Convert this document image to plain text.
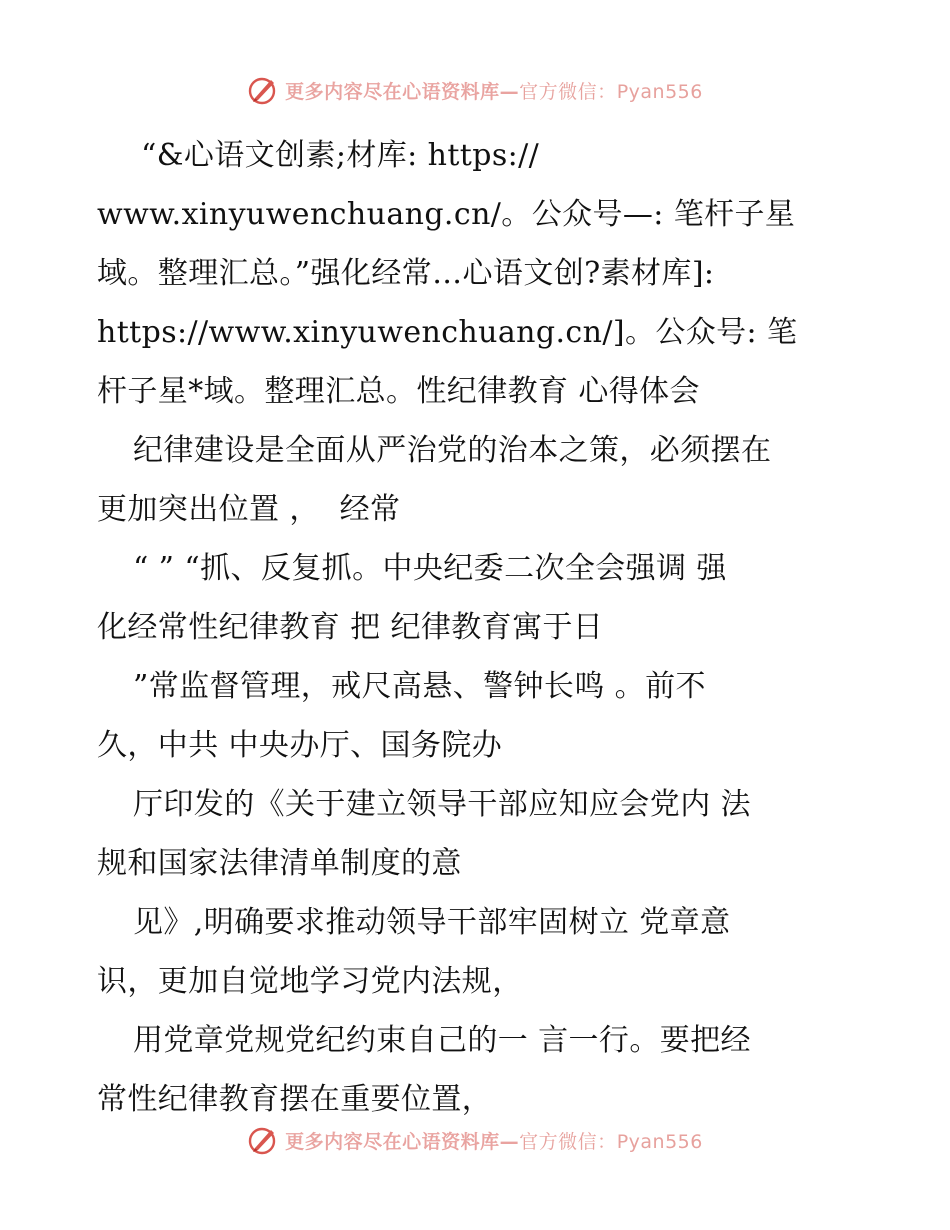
更多内容尽在心语资料库—官方微信：Pyan556
“&心语文创素;材库: https://
www.xinyuwenchuang.cn/。公众号—: 笔杆子星
域。整理汇总。”强化经常…心语文创?素材库]:
https://www.xinyuwenchuang.cn/]。公众号: 笔
杆子星*域。整理汇总。性纪律教育 心得体会
纪律建设是全面从严治党的治本之策，必须摆在
更加突出位置 ，  经常
“ ” “抓、反复抓。中央纪委二次全会强调 强
化经常性纪律教育 把 纪律教育寓于日
”常监督管理，戒尺高悬、警钟长鸣 。前不
久，中共 中央办厅、国务院办
厅印发的《关于建立领导干部应知应会党内 法
规和国家法律清单制度的意
见》,明确要求推动领导干部牢固树立 党章意
识，更加自觉地学习党内法规，
用党章党规党纪约束自己的一 言一行。要把经
常性纪律教育摆在重要位置，
更多内容尽在心语资料库—官方微信：Pyan556
